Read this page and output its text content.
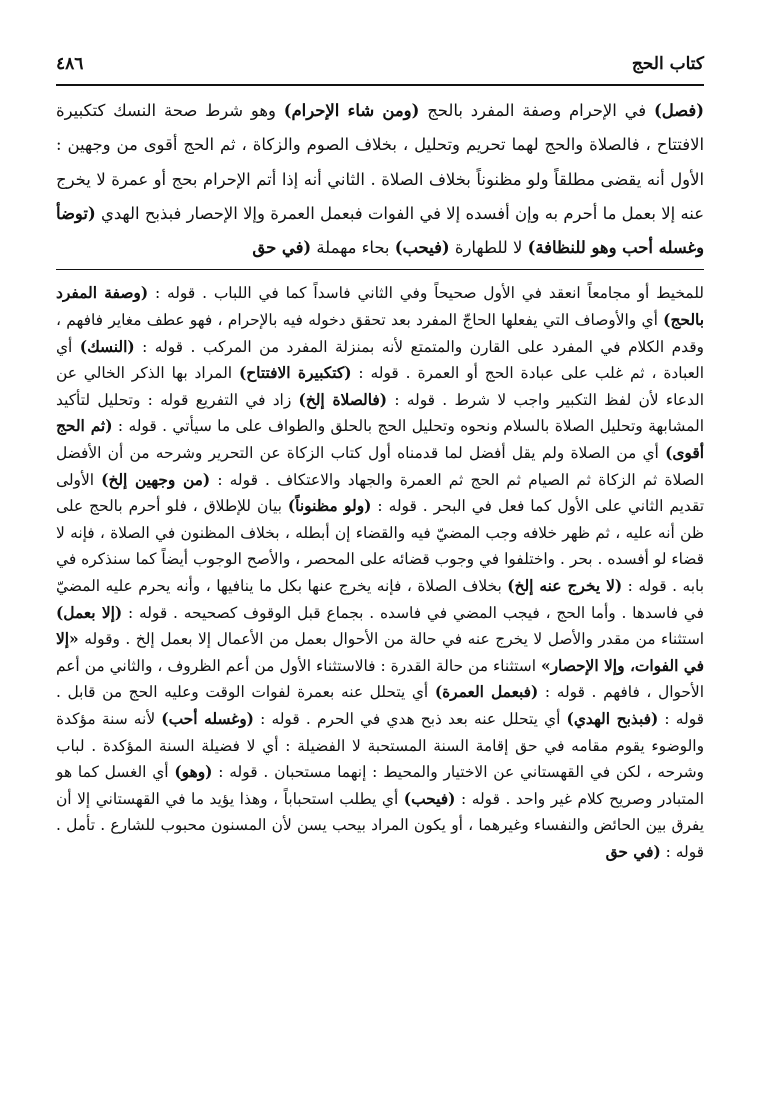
كتاب الحج
٤٨٦

(فصل) في الإحرام وصفة المفرد بالحج (ومن شاء الإحرام) وهو شرط صحة النسك كتكبيرة الافتتاح ، فالصلاة والحج لهما تحريم وتحليل ، بخلاف الصوم والزكاة ، ثم الحج أقوى من وجهين : الأول أنه يقضى مطلقاً ولو مظنوناً بخلاف الصلاة . الثاني أنه إذا أتم الإحرام بحج أو عمرة لا يخرج عنه إلا بعمل ما أحرم به وإن أفسده إلا في الفوات فبعمل العمرة وإلا الإحصار فبذبح الهدي (توضأ وغسله أحب وهو للنظافة) لا للطهارة (فيحب) بحاء مهملة (في حق

للمخيط أو مجامعاً انعقد في الأول صحيحاً وفي الثاني فاسداً كما في اللباب . قوله : (وصفة المفرد بالحج) أي والأوصاف التي يفعلها الحاجّ المفرد بعد تحقق دخوله فيه بالإحرام ، فهو عطف مغاير فافهم ، وقدم الكلام في المفرد على القارن والمتمتع لأنه بمنزلة المفرد من المركب . قوله : (النسك) أي العبادة ، ثم غلب على عبادة الحج أو العمرة . قوله : (كتكبيرة الافتتاح) المراد بها الذكر الخالي عن الدعاء لأن لفظ التكبير واجب لا شرط . قوله : (فالصلاة إلخ) زاد في التفريع قوله : وتحليل لتأكيد المشابهة وتحليل الصلاة بالسلام ونحوه وتحليل الحج بالحلق والطواف على ما سيأتي . قوله : (ثم الحج أقوى) أي من الصلاة ولم يقل أفضل لما قدمناه أول كتاب الزكاة عن التحرير وشرحه من أن الأفضل الصلاة ثم الزكاة ثم الصيام ثم الحج ثم العمرة والجهاد والاعتكاف . قوله : (من وجهين إلخ) الأولى تقديم الثاني على الأول كما فعل في البحر . قوله : (ولو مظنوناً) بيان للإطلاق ، فلو أحرم بالحج على ظن أنه عليه ، ثم ظهر خلافه وجب المضيّ فيه والقضاء إن أبطله ، بخلاف المظنون في الصلاة ، فإنه لا قضاء لو أفسده . بحر . واختلفوا في وجوب قضائه على المحصر ، والأصح الوجوب أيضاً كما سنذكره في بابه . قوله : (لا يخرج عنه إلخ) بخلاف الصلاة ، فإنه يخرج عنها بكل ما ينافيها ، وأنه يحرم عليه المضيّ في فاسدها . وأما الحج ، فيجب المضي في فاسده . بجماع قبل الوقوف كصحيحه . قوله : (إلا بعمل) استثناء من مقدر والأصل لا يخرج عنه في حالة من الأحوال بعمل من الأعمال إلا بعمل إلخ . وقوله «إلا في الفوات، وإلا الإحصار» استثناء من حالة القدرة : فالاستثناء الأول من أعم الظروف ، والثاني من أعم الأحوال ، فافهم . قوله : (فبعمل العمرة) أي يتحلل عنه بعمرة لفوات الوقت وعليه الحج من قابل . قوله : (فبذبح الهدي) أي يتحلل عنه بعد ذبح هدي في الحرم . قوله : (وغسله أحب) لأنه سنة مؤكدة والوضوء يقوم مقامه في حق إقامة السنة المستحبة لا الفضيلة : أي لا فضيلة السنة المؤكدة . لباب وشرحه ، لكن في القهستاني عن الاختيار والمحيط : إنهما مستحبان . قوله : (وهو) أي الغسل كما هو المتبادر وصريح كلام غير واحد . قوله : (فيحب) أي يطلب استحباباً ، وهذا يؤيد ما في القهستاني إلا أن يفرق بين الحائض والنفساء وغيرهما ، أو يكون المراد بيحب يسن لأن المسنون محبوب للشارع . تأمل . قوله : (في حق
